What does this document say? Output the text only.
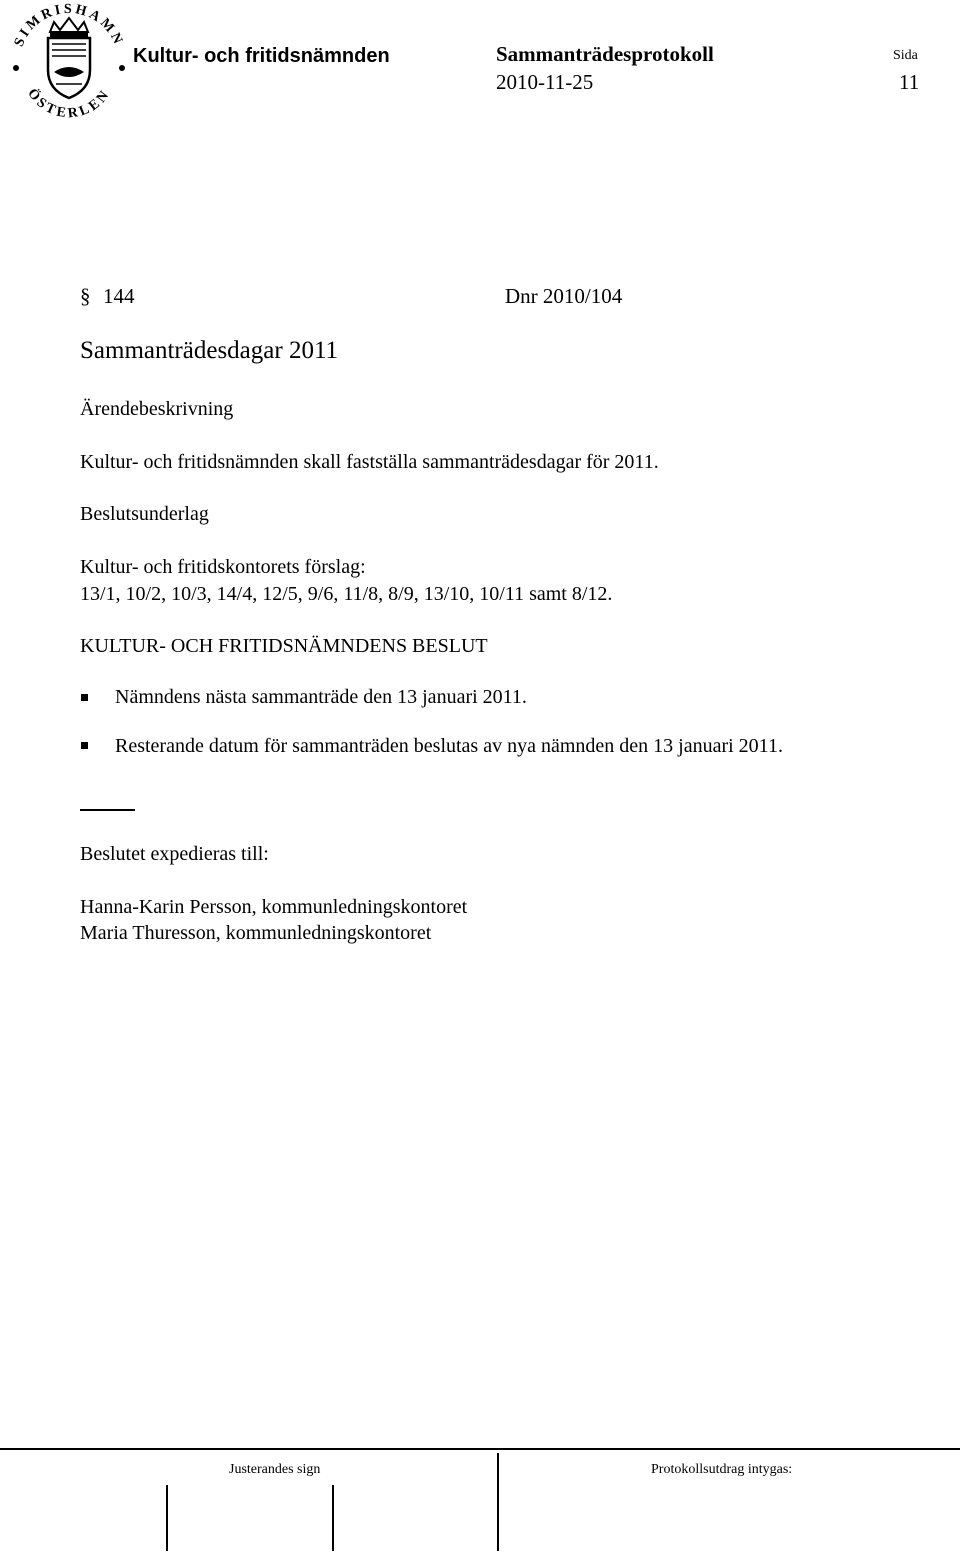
SIMRISHAMN
ÖSTERLEN
Kultur- och fritidsnämnden	Sammanträdesprotokoll	Sida
2010-11-25	11
§ 144	Dnr 2010/104
Sammanträdesdagar 2011
Ärendebeskrivning
Kultur- och fritidsnämnden skall fastställa sammanträdesdagar för 2011.
Beslutsunderlag
Kultur- och fritidskontorets förslag:
13/1, 10/2, 10/3, 14/4, 12/5, 9/6, 11/8, 8/9, 13/10, 10/11 samt 8/12.
KULTUR- OCH FRITIDSNÄMNDENS BESLUT
Nämndens nästa sammanträde den 13 januari 2011.
Resterande datum för sammanträden beslutas av nya nämnden den 13 januari 2011.
Beslutet expedieras till:
Hanna-Karin Persson, kommunledningskontoret
Maria Thuresson, kommunledningskontoret
Justerandes sign	Protokollsutdrag intygas:
